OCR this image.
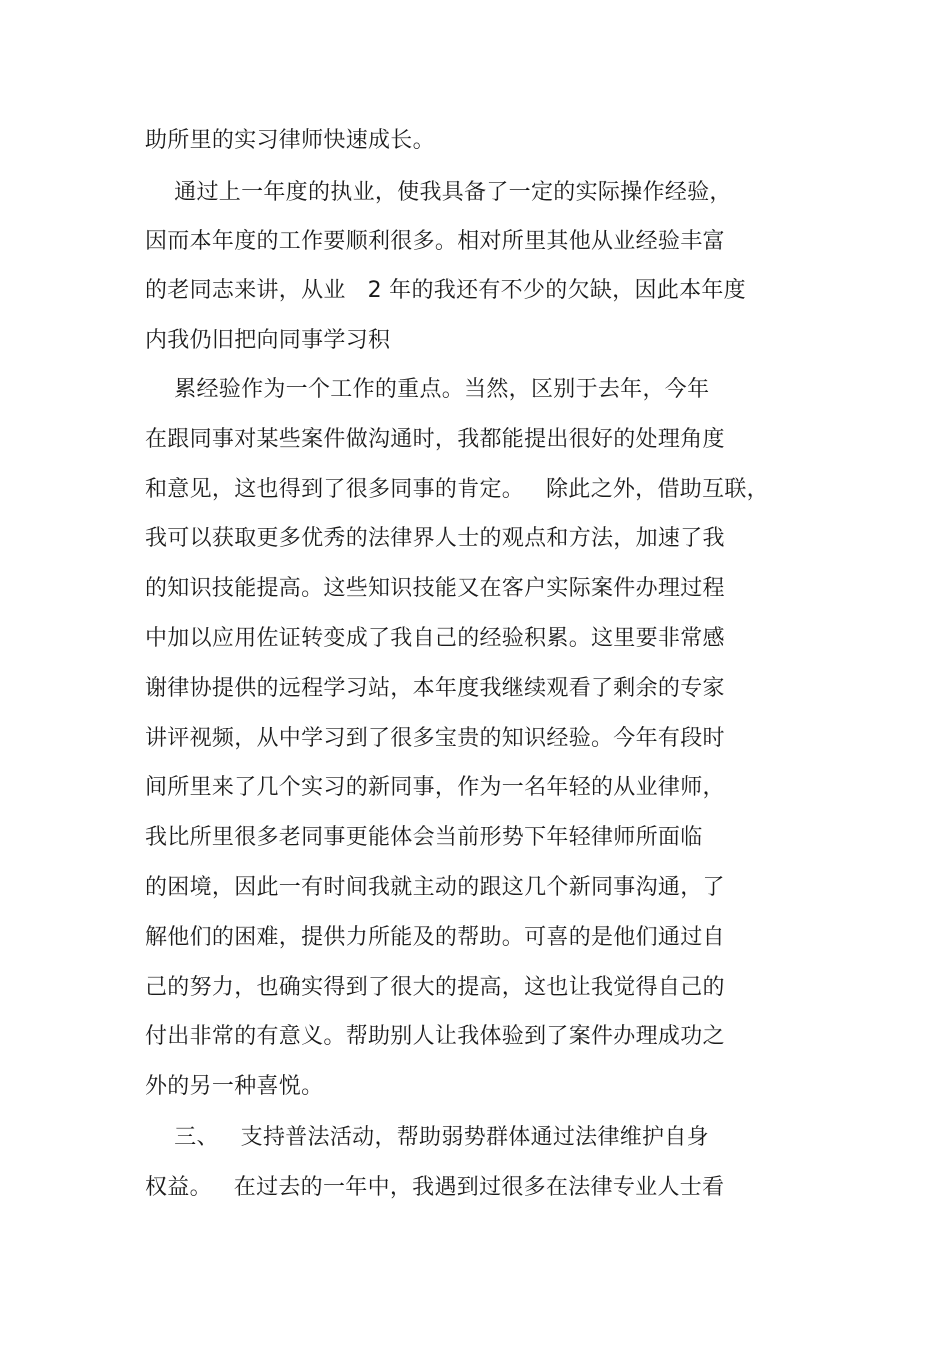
助所里的实习律师快速成长。
通过上一年度的执业，使我具备了一定的实际操作经验，
因而本年度的工作要顺利很多。相对所里其他从业经验丰富
的老同志来讲，从业   2 年的我还有不少的欠缺，因此本年度
内我仍旧把向同事学习积
累经验作为一个工作的重点。当然，区别于去年，今年
在跟同事对某些案件做沟通时，我都能提出很好的处理角度
和意见，这也得到了很多同事的肯定。   除此之外，借助互联，
我可以获取更多优秀的法律界人士的观点和方法，加速了我
的知识技能提高。这些知识技能又在客户实际案件办理过程
中加以应用佐证转变成了我自己的经验积累。这里要非常感
谢律协提供的远程学习站，本年度我继续观看了剩余的专家
讲评视频，从中学习到了很多宝贵的知识经验。今年有段时
间所里来了几个实习的新同事，作为一名年轻的从业律师，
我比所里很多老同事更能体会当前形势下年轻律师所面临
的困境，因此一有时间我就主动的跟这几个新同事沟通，了
解他们的困难，提供力所能及的帮助。可喜的是他们通过自
己的努力，也确实得到了很大的提高，这也让我觉得自己的
付出非常的有意义。帮助别人让我体验到了案件办理成功之
外的另一种喜悦。
三、   支持普法活动，帮助弱势群体通过法律维护自身
权益。   在过去的一年中，我遇到过很多在法律专业人士看
